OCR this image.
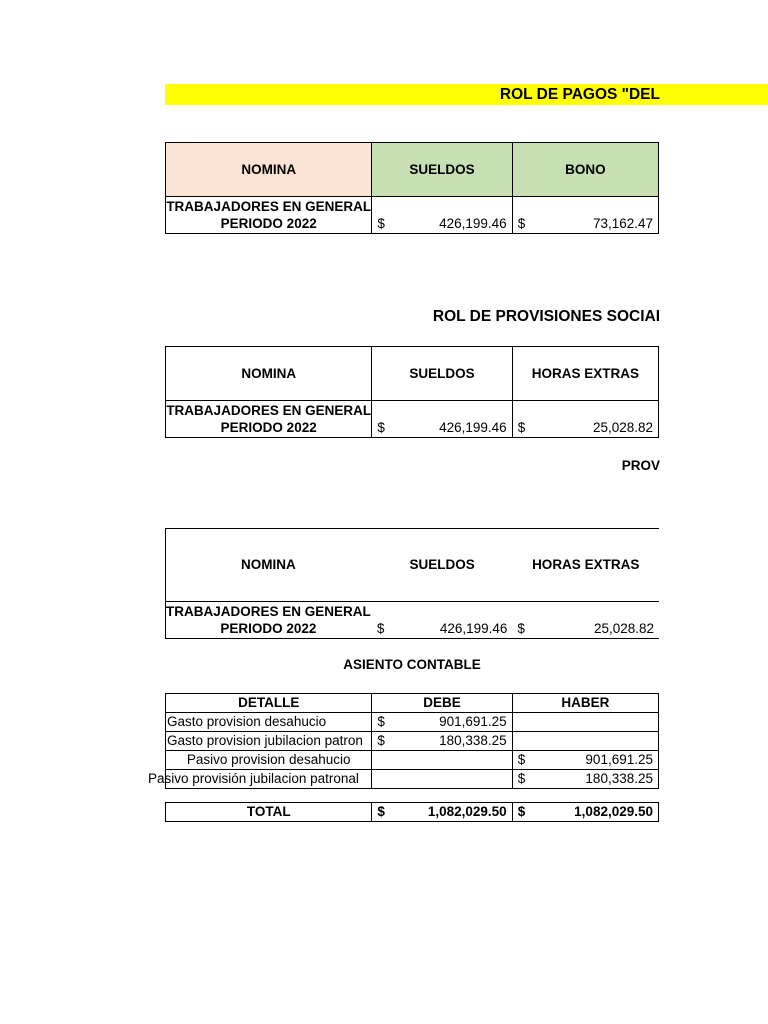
ROL DE PAGOS "DEL
NOMINA	SUELDOS	BONO
TRABAJADORES EN GENERAL PERIODO 2022	$ 426,199.46	$ 73,162.47
ROL DE PROVISIONES SOCIAI
NOMINA	SUELDOS	HORAS EXTRAS
TRABAJADORES EN GENERAL PERIODO 2022	$ 426,199.46	$ 25,028.82
PROV
NOMINA	SUELDOS	HORAS EXTRAS
TRABAJADORES EN GENERAL PERIODO 2022	$ 426,199.46	$ 25,028.82
ASIENTO CONTABLE
DETALLE	DEBE	HABER
Gasto provision desahucio	$ 901,691.25	

Gasto provision jubilacion patron	$ 180,338.25	

Pasivo provision desahucio		$ 901,691.25

Pasivo provisión jubilacion patronal		$ 180,338.25
TOTAL	$	1,082,029.50	$	1,082,029.50
